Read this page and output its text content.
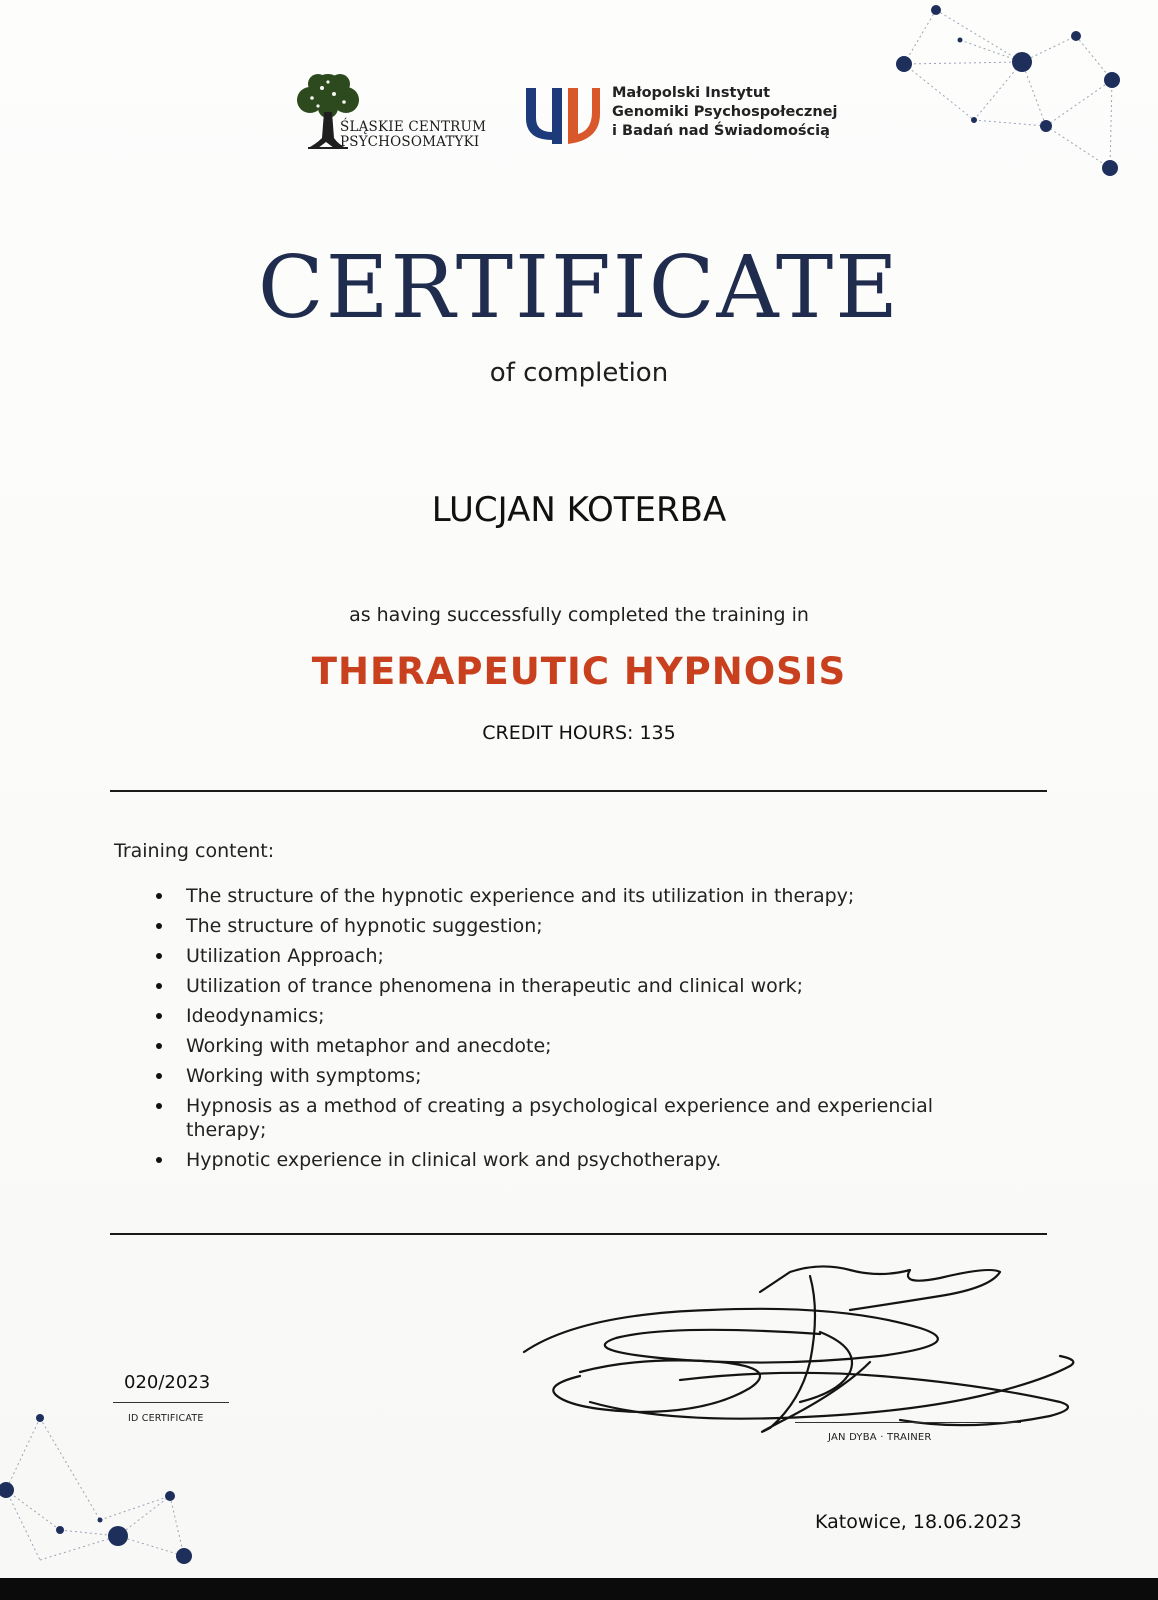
ŚLĄSKIE CENTRUM
PSYCHOSOMATYKI
Małopolski Instytut
Genomiki Psychospołecznej
i Badań nad Świadomością
CERTIFICATE
of completion
LUCJAN KOTERBA
as having successfully completed the training in
THERAPEUTIC HYPNOSIS
CREDIT HOURS: 135
Training content:
The structure of the hypnotic experience and its utilization in therapy;
The structure of hypnotic suggestion;
Utilization Approach;
Utilization of trance phenomena in therapeutic and clinical work;
Ideodynamics;
Working with metaphor and anecdote;
Working with symptoms;
Hypnosis as a method of creating a psychological experience and experiencial therapy;
Hypnotic experience in clinical work and psychotherapy.
020/2023
ID CERTIFICATE
JAN DYBA · TRAINER
Katowice, 18.06.2023
